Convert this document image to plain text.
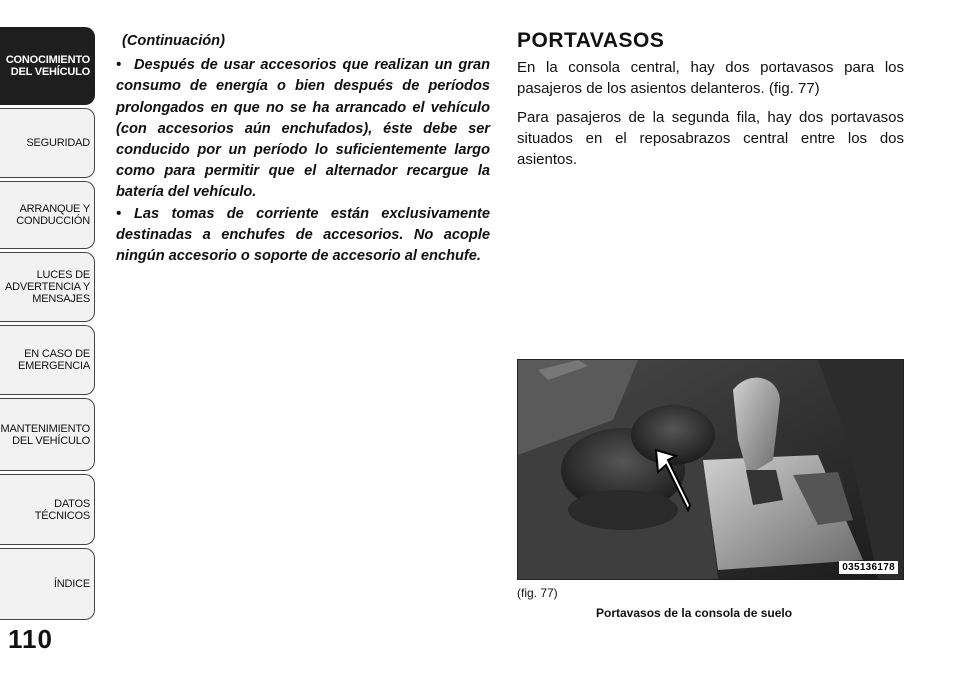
CONOCIMIENTO
DEL VEHÍCULO
SEGURIDAD
ARRANQUE Y
CONDUCCIÓN
LUCES DE
ADVERTENCIA Y
MENSAJES
EN CASO DE
EMERGENCIA
MANTENIMIENTO
DEL VEHÍCULO
DATOS
TÉCNICOS
ÍNDICE
110

(Continuación)

• Después de usar accesorios que realizan un gran consumo de energía o bien después de períodos prolongados en que no se ha arrancado el vehículo (con accesorios aún enchufados), éste debe ser conducido por un período lo suficientemente largo como para permitir que el alternador recargue la batería del vehículo.

• Las tomas de corriente están exclusivamente destinadas a enchufes de accesorios. No acople ningún accesorio o soporte de accesorio al enchufe.

PORTAVASOS

En la consola central, hay dos portavasos para los pasajeros de los asientos delanteros. (fig. 77)

Para pasajeros de la segunda fila, hay dos portavasos situados en el reposabrazos central entre los dos asientos.

035136178
(fig. 77)
Portavasos de la consola de suelo
